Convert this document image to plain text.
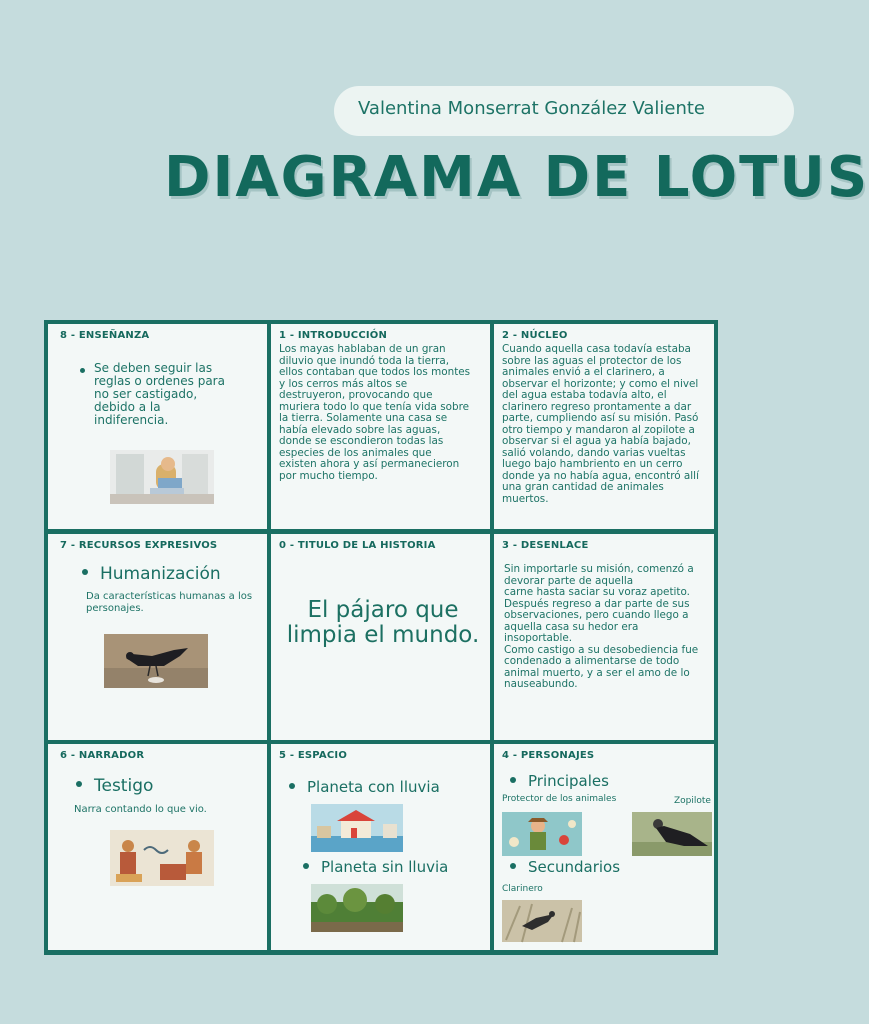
Valentina Monserrat González Valiente
DIAGRAMA DE LOTUS
8 - ENSEÑANZA
Se deben seguir las reglas o ordenes para no ser castigado, debido a la indiferencia.
1 - INTRODUCCIÓN
Los mayas hablaban de un gran diluvio que inundó toda la tierra, ellos contaban que todos los montes y los cerros más altos se destruyeron, provocando que muriera todo lo que tenía vida sobre la tierra. Solamente una casa se había elevado sobre las aguas, donde se escondieron todas las especies de los animales que existen ahora y así permanecieron por mucho tiempo.
2 - NÚCLEO
Cuando aquella casa todavía estaba sobre las aguas el protector de los animales envió a el clarinero, a observar el horizonte; y como el nivel del agua estaba todavía alto, el clarinero regreso prontamente a dar parte, cumpliendo así su misión. Pasó otro tiempo y mandaron al zopilote a observar si el agua ya había bajado, salió volando, dando varias vueltas luego bajo hambriento en un cerro donde ya no había agua, encontró allí una gran cantidad de animales muertos.
7 - RECURSOS EXPRESIVOS
Humanización
Da características humanas a los personajes.
0 - TITULO DE LA HISTORIA
El pájaro que limpia el mundo.
3 - DESENLACE
Sin importarle su misión, comenzó a devorar parte de aquella
carne hasta saciar su voraz apetito. Después regreso a dar parte de sus
observaciones, pero cuando llego a aquella casa su hedor era insoportable.
Como castigo a su desobediencia fue condenado a alimentarse de todo animal muerto, y a ser el amo de lo nauseabundo.
6 - NARRADOR
Testigo
Narra contando lo que vio.
5 - ESPACIO
Planeta con lluvia
Planeta sin lluvia
4 - PERSONAJES
Principales
Protector de los animales	Zopilote
Secundarios
Clarinero
